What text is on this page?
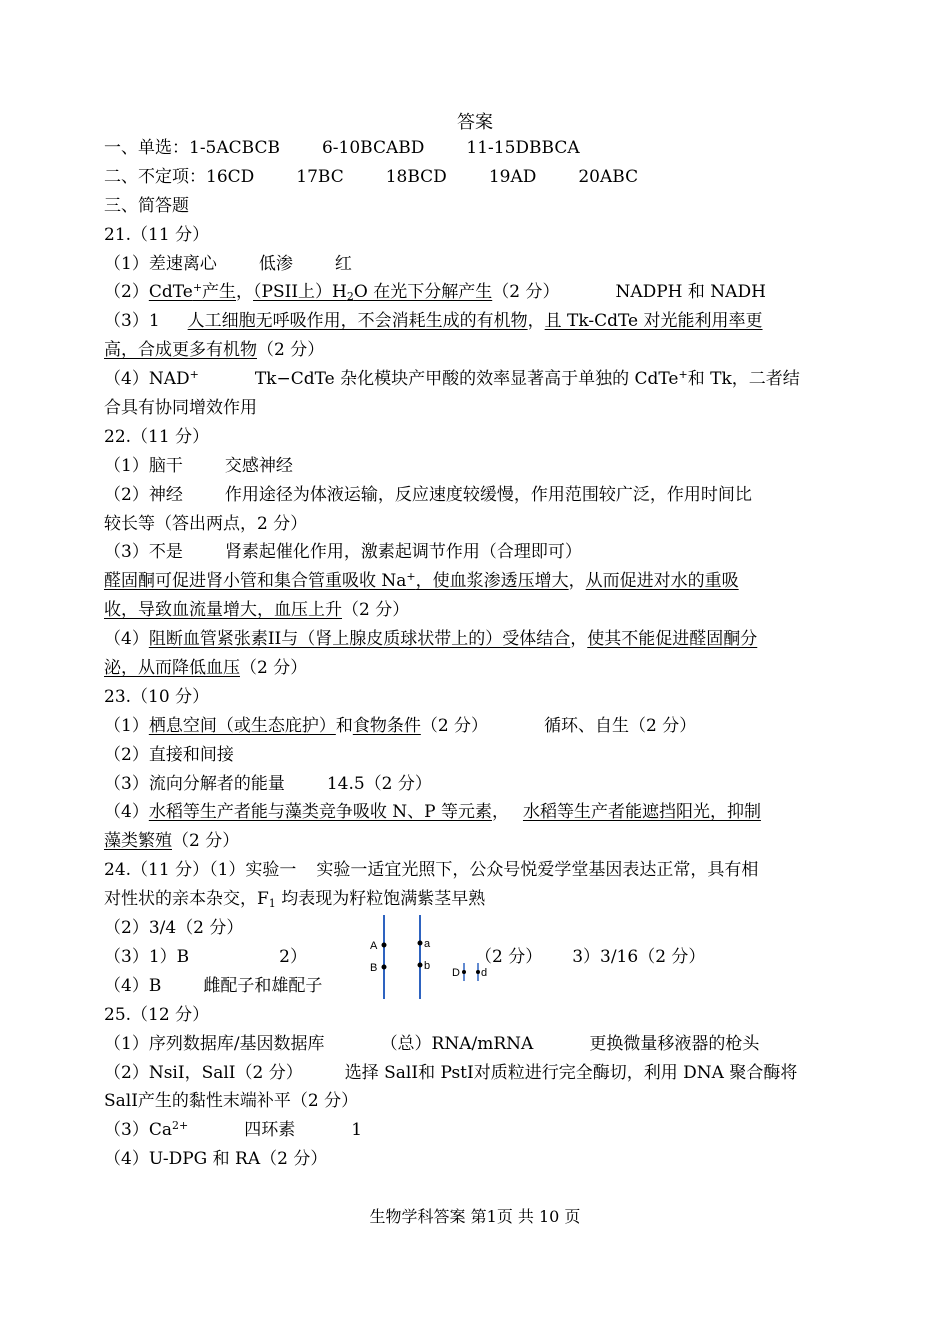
答案
一、单选：1-5ACBCB 6-10BCABD 11-15DBBCA
二、不定项：16CD 17BC 18BCD 19AD 20ABC
三、简答题
21.（11 分）
（1）差速离心 低渗 红
（2）CdTe+产生，（PSII上）$H_2O$ 在光下分解产生（2 分）	NADPH 和 NADH
（3）1 人工细胞无呼吸作用，不会消耗生成的有机物，且 Tk-CdTe 对光能利用率更
高，合成更多有机物（2 分）
（4）NAD+	Tk−CdTe 杂化模块产甲酸的效率显著高于单独的 CdTe+和 Tk，二者结
合具有协同增效作用
22.（11 分）
（1）脑干 交感神经
（2）神经 作用途径为体液运输，反应速度较缓慢，作用范围较广泛，作用时间比
较长等（答出两点，2 分）
（3）不是 肾素起催化作用，激素起调节作用（合理即可）
醛固酮可促进肾小管和集合管重吸收 Na+，使血浆渗透压增大，从而促进对水的重吸
收，导致血流量增大，血压上升（2 分）
（4）阻断血管紧张素II与（肾上腺皮质球状带上的）受体结合，使其不能促进醛固酮分
泌，从而降低血压（2 分）
23.（10 分）
（1）栖息空间（或生态庇护）和食物条件（2 分）	循环、自生（2 分）
（2）直接和间接
（3）流向分解者的能量 14.5（2 分）
（4）水稻等生产者能与藻类竞争吸收 N、P 等元素， 水稻等生产者能遮挡阳光，抑制
藻类繁殖（2 分）
24.（11 分）（1）实验一 实验一适宜光照下，公众号悦爱学堂基因表达正常，具有相
对性状的亲本杂交，$F_1$ 均表现为籽粒饱满紫茎早熟
（2）3/4（2 分）
（3）1）B	2）	（2 分） 3）3/16（2 分）
A
B
a
b
D d
（4）B 雌配子和雄配子
25.（12 分）
（1）序列数据库/基因数据库	（总）RNA/mRNA	更换微量移液器的枪头
（2）NsiI，SalI（2 分） 选择 SalI和 PstI对质粒进行完全酶切，利用 DNA 聚合酶将
SalI产生的黏性末端补平（2 分）
$(3)Ca^{2+}$	四环素	1
（4）U-DPG 和 RA（2 分）
生物学科答案 第1页 共 10 页
